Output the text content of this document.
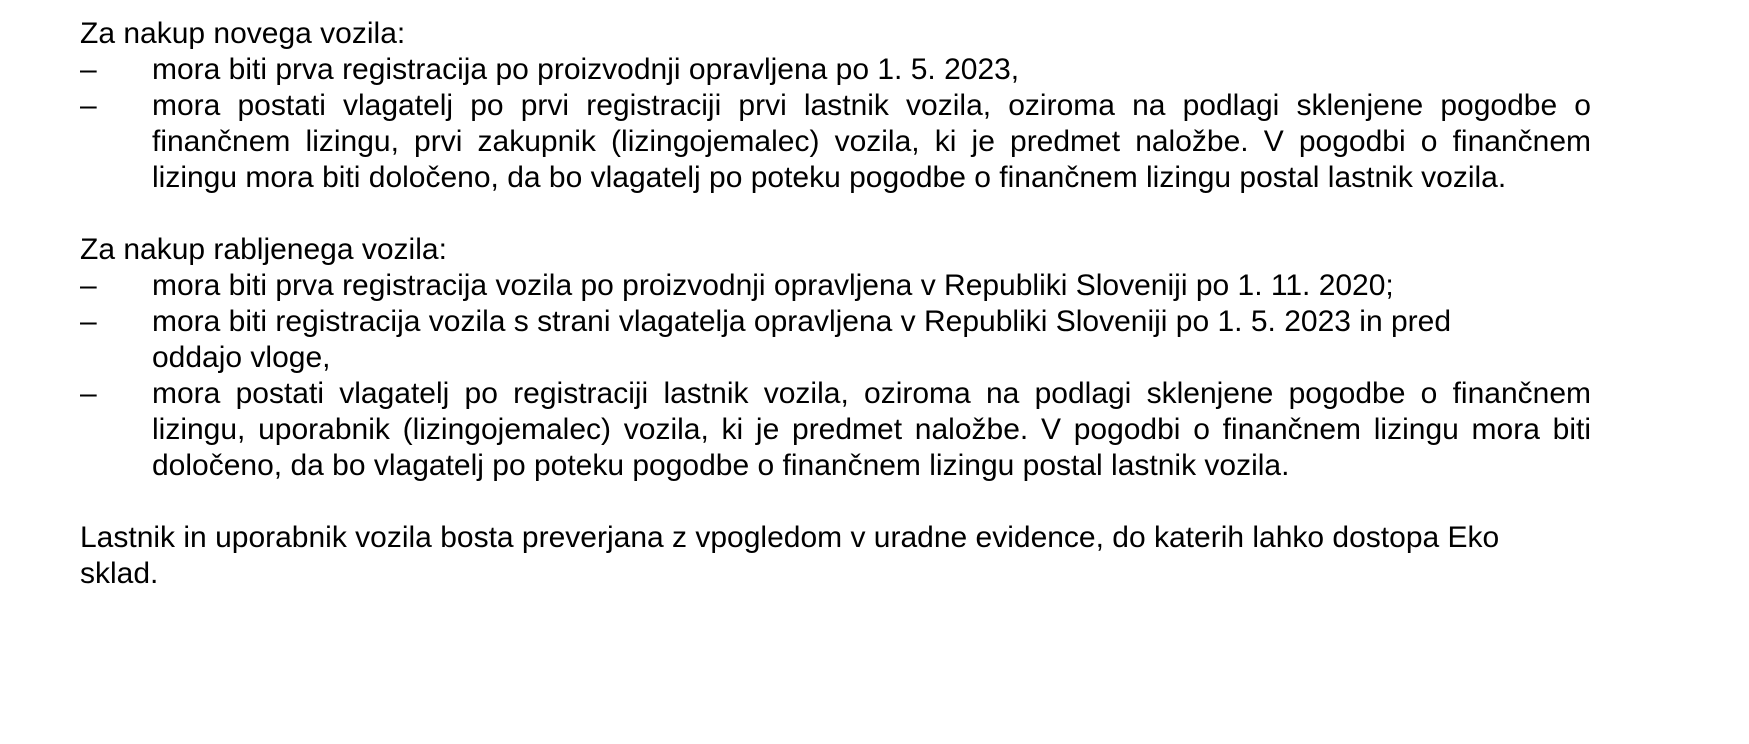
Za nakup novega vozila:

–	mora biti prva registracija po proizvodnji opravljena po 1. 5. 2023,
–	mora postati vlagatelj po prvi registraciji prvi lastnik vozila, oziroma na podlagi sklenjene pogodbe o finančnem lizingu, prvi zakupnik (lizingojemalec) vozila, ki je predmet naložbe. V pogodbi o finančnem lizingu mora biti določeno, da bo vlagatelj po poteku pogodbe o finančnem lizingu postal lastnik vozila.

Za nakup rabljenega vozila:

–	mora biti prva registracija vozila po proizvodnji opravljena v Republiki Sloveniji po 1. 11. 2020;
–	mora biti registracija vozila s strani vlagatelja opravljena v Republiki Sloveniji po 1. 5. 2023 in pred oddajo vloge,
–	mora postati vlagatelj po registraciji lastnik vozila, oziroma na podlagi sklenjene pogodbe o finančnem lizingu, uporabnik (lizingojemalec) vozila, ki je predmet naložbe. V pogodbi o finančnem lizingu mora biti določeno, da bo vlagatelj po poteku pogodbe o finančnem lizingu postal lastnik vozila.

Lastnik in uporabnik vozila bosta preverjana z vpogledom v uradne evidence, do katerih lahko dostopa Eko sklad.
